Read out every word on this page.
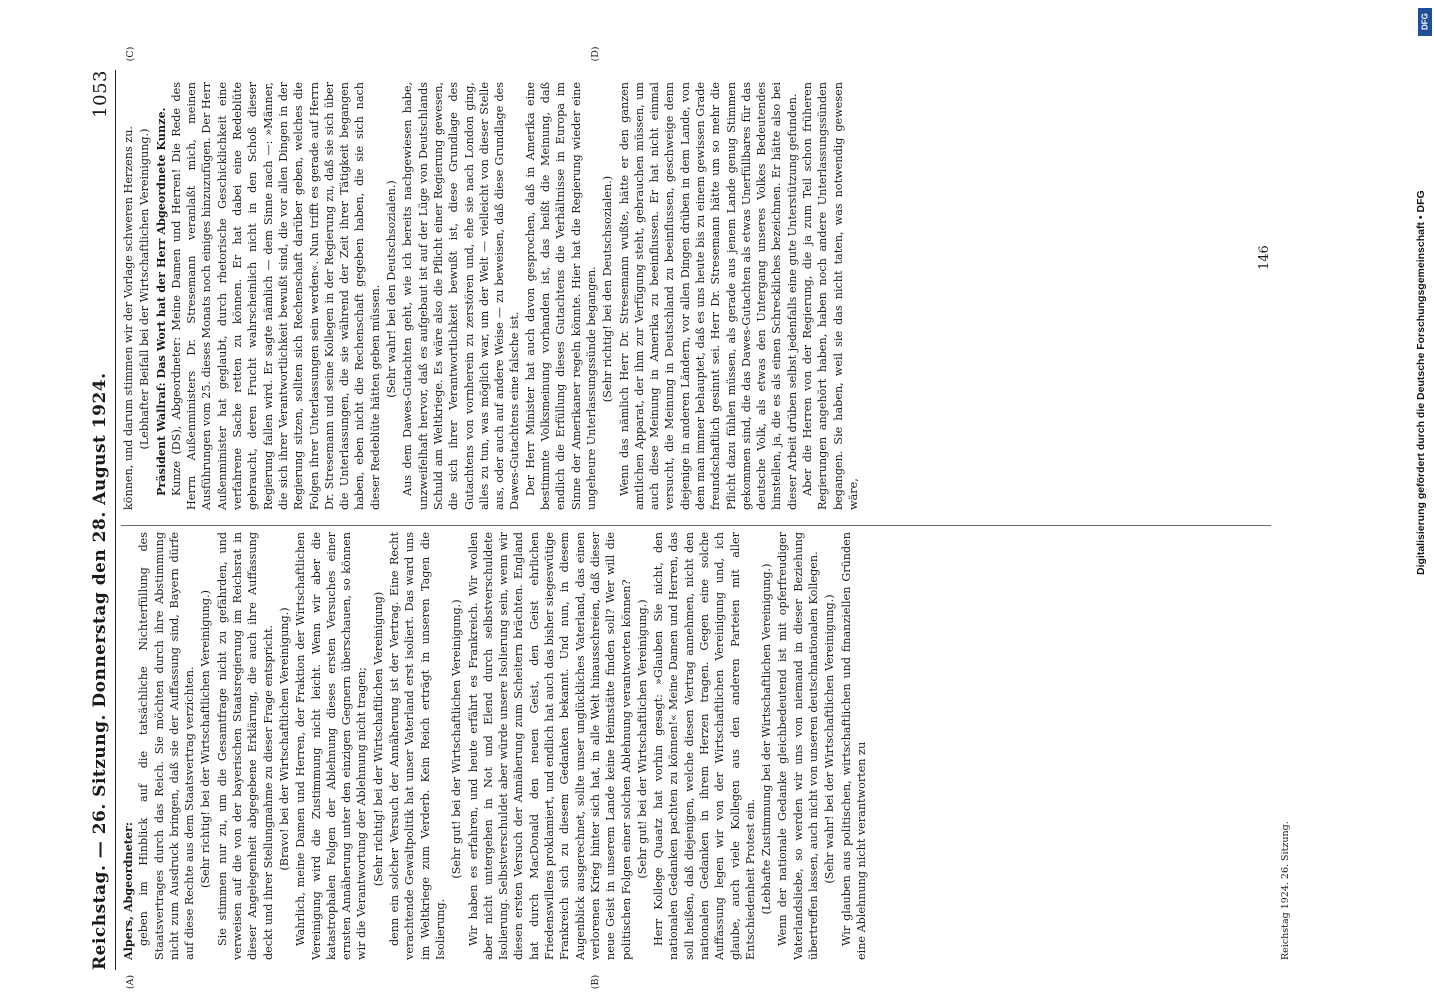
Reichstag. — 26. Sitzung. Donnerstag den 28. August 1924.
1053
(A)	(B)
(C)	(D)

Alpers, Abgeordneter: geben im Hinblick auf die tatsächliche Nichterfüllung des Staatsvertrages durch das Reich. Sie möchten durch ihre Abstimmung nicht zum Ausdruck bringen, daß sie der Auffassung sind, Bayern dürfe auf diese Rechte aus dem Staatsvertrag verzichten. (Sehr richtig! bei der Wirtschaftlichen Vereinigung.) Sie stimmen nur zu, um die Gesamtfrage nicht zu gefährden, und verweisen auf die von der bayerischen Staatsregierung im Reichsrat in dieser Angelegenheit abgegebene Erklärung, die auch ihre Auffassung deckt und ihrer Stellungnahme zu dieser Frage entspricht. (Bravo! bei der Wirtschaftlichen Vereinigung.) Wahrlich, meine Damen und Herren, der Fraktion der Wirtschaftlichen Vereinigung wird die Zustimmung nicht leicht. Wenn wir aber die katastrophalen Folgen der Ablehnung dieses ersten Versuches einer ernsten Annäherung unter den einzigen Gegnern überschauen, so können wir die Verantwortung der Ablehnung nicht tragen; (Sehr richtig! bei der Wirtschaftlichen Vereinigung) denn ein solcher Versuch der Annäherung ist der Vertrag. Eine Recht verachtende Gewaltpolitik hat unser Vaterland erst isoliert. Das ward uns im Weltkriege zum Verderb. Kein Reich erträgt in unseren Tagen die Isolierung.

(Sehr gut! bei der Wirtschaftlichen Vereinigung.) Wir haben es erfahren, und heute erfährt es Frankreich. Wir wollen aber nicht untergehen in Not und Elend durch selbstverschuldete Isolierung. Selbstverschuldet aber würde unsere Isolierung sein, wenn wir diesen ersten Versuch der Annäherung zum Scheitern brächten. England hat durch MacDonald den neuen Geist, den Geist ehrlichen Friedenswillens proklamiert, und endlich hat auch das bisher siegeswütige Frankreich sich zu diesem Gedanken bekannt. Und nun, in diesem Augenblick ausgerechnet, sollte unser unglückliches Vaterland, das einen verlorenen Krieg hinter sich hat, in alle Welt hinausschreien, daß dieser neue Geist in unserem Lande keine Heimstätte finden soll? Wer will die politischen Folgen einer solchen Ablehnung verantworten können? (Sehr gut! bei der Wirtschaftlichen Vereinigung.) Herr Kollege Quaatz hat vorhin gesagt: »Glauben Sie nicht, den nationalen Gedanken pachten zu können!« Meine Damen und Herren, das soll heißen, daß diejenigen, welche diesen Vertrag annehmen, nicht den nationalen Gedanken in ihrem Herzen tragen. Gegen eine solche Auffassung legen wir von der Wirtschaftlichen Vereinigung und, ich glaube, auch viele Kollegen aus den anderen Parteien mit aller Entschiedenheit Protest ein. (Lebhafte Zustimmung bei der Wirtschaftlichen Vereinigung.) Wenn der nationale Gedanke gleichbedeutend ist mit opferfreudiger Vaterlandsliebe, so werden wir uns von niemand in dieser Beziehung übertreffen lassen, auch nicht von unseren deutschnationalen Kollegen. (Sehr wahr! bei der Wirtschaftlichen Vereinigung.) Wir glauben aus politischen, wirtschaftlichen und finanziellen Gründen eine Ablehnung nicht verantworten zu

können, und darum stimmen wir der Vorlage schweren Herzens zu. (Lebhafter Beifall bei der Wirtschaftlichen Vereinigung.) Präsident Wallraf: Das Wort hat der Herr Abgeordnete Kunze. Kunze (DS), Abgeordneter: Meine Damen und Herren! Die Rede des Herrn Außenministers Dr. Stresemann veranlaßt mich, meinen Ausführungen vom 25. dieses Monats noch einiges hinzuzufügen. Der Herr Außenminister hat geglaubt, durch rhetorische Geschicklichkeit eine verfahrene Sache retten zu können. Er hat dabei eine Redeblüte gebraucht, deren Frucht wahrscheinlich nicht in den Schoß dieser Regierung fallen wird. Er sagte nämlich — dem Sinne nach —: »Männer, die sich ihrer Verantwortlichkeit bewußt sind, die vor allen Dingen in der Regierung sitzen, sollten sich Rechenschaft darüber geben, welches die Folgen ihrer Unterlassungen sein werden«. Nun trifft es gerade auf Herrn Dr. Stresemann und seine Kollegen in der Regierung zu, daß sie sich über die Unterlassungen, die sie während der Zeit ihrer Tätigkeit begangen haben, eben nicht die Rechenschaft gegeben haben, die sie sich nach dieser Redeblüte hätten geben müssen. (Sehr wahr! bei den Deutschsozialen.) Aus dem Dawes-Gutachten geht, wie ich bereits nachgewiesen habe, unzweifelhaft hervor, daß es aufgebaut ist auf der Lüge von Deutschlands Schuld am Weltkriege. Es wäre also die Pflicht einer Regierung gewesen, die sich ihrer Verantwortlichkeit bewußt ist, diese Grundlage des Gutachtens von vornherein zu zerstören und, ehe sie nach London ging, alles zu tun, was möglich war, um der Welt — vielleicht von dieser Stelle aus, oder auch auf andere Weise — zu beweisen, daß diese Grundlage des Dawes-Gutachtens eine falsche ist. Der Herr Minister hat auch davon gesprochen, daß in Amerika eine bestimmte Volksmeinung vorhanden ist, das heißt die Meinung, daß endlich die Erfüllung dieses Gutachtens die Verhältnisse in Europa im Sinne der Amerikaner regeln könnte. Hier hat die Regierung wieder eine ungeheure Unterlassungssünde begangen. (Sehr richtig! bei den Deutschsozialen.) Wenn das nämlich Herr Dr. Stresemann wußte, hätte er den ganzen amtlichen Apparat, der ihm zur Verfügung steht, gebrauchen müssen, um auch diese Meinung in Amerika zu beeinflussen. Er hat nicht einmal versucht, die Meinung in Deutschland zu beeinflussen, geschweige denn diejenige in anderen Ländern, vor allen Dingen drüben in dem Lande, von dem man immer behauptet, daß es uns heute bis zu einem gewissen Grade freundschaftlich gesinnt sei. Herr Dr. Stresemann hätte um so mehr die Pflicht dazu fühlen müssen, als gerade aus jenem Lande genug Stimmen gekommen sind, die das Dawes-Gutachten als etwas Unerfüllbares für das deutsche Volk, als etwas den Untergang unseres Volkes Bedeutendes hinstellen, ja, die es als einen Schreckliches bezeichnen. Er hätte also bei dieser Arbeit drüben selbst jedenfalls eine gute Unterstützung gefunden. Aber die Herren von der Regierung, die ja zum Teil schon früheren Regierungen angehört haben, haben noch andere Unterlassungssünden begangen. Sie haben, weil sie das nicht taten, was notwendig gewesen wäre,

Reichstag 1924. 26. Sitzung.
146
DFG
Digitalisierung gefördert durch die Deutsche Forschungsgemeinschaft • DFG
